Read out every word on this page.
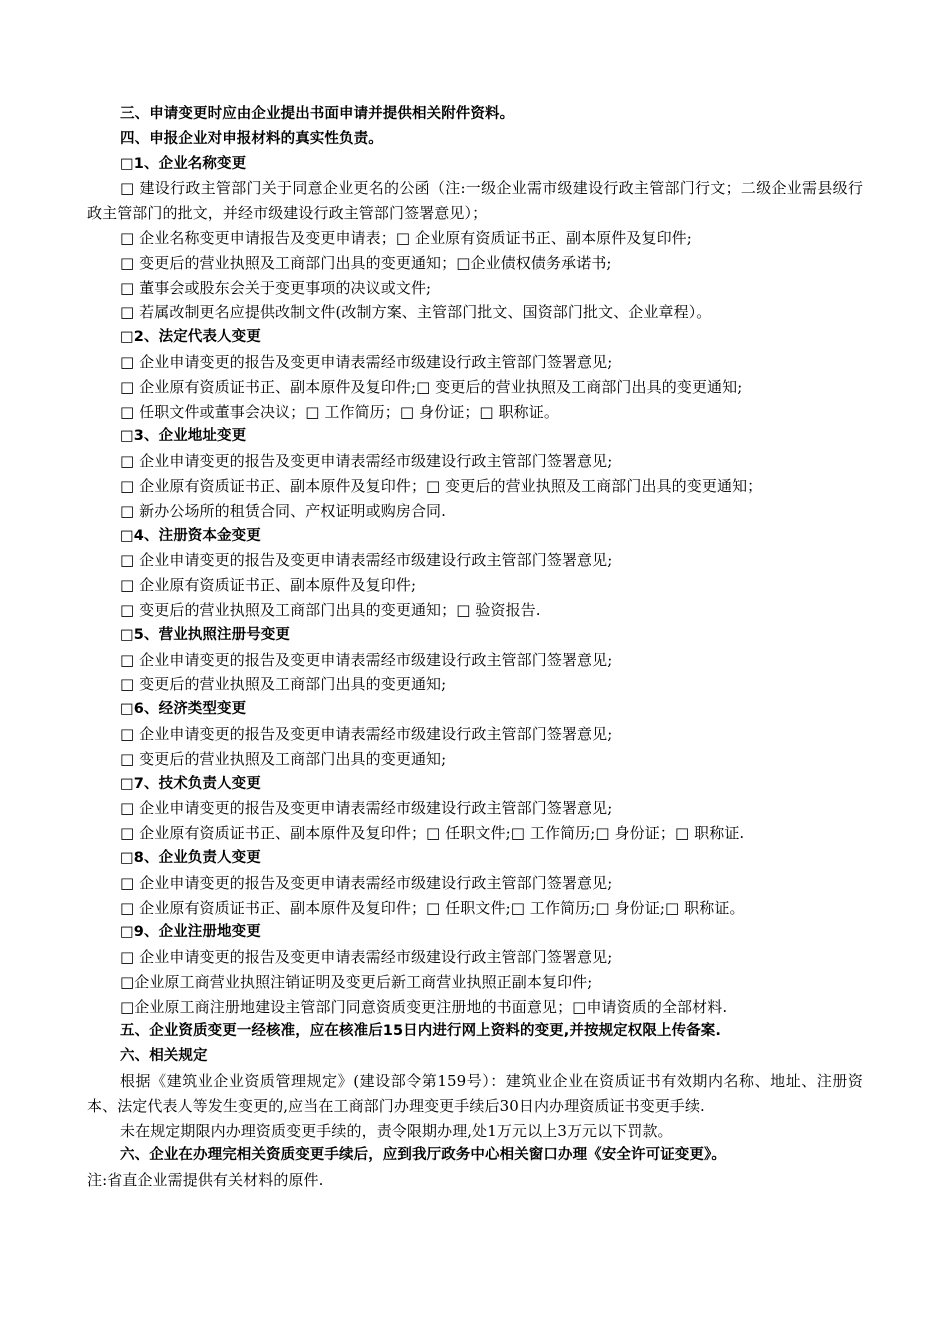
三、申请变更时应由企业提出书面申请并提供相关附件资料。
四、申报企业对申报材料的真实性负责。
□1、企业名称变更
□ 建设行政主管部门关于同意企业更名的公函（注:一级企业需市级建设行政主管部门行文；二级企业需县级行政主管部门的批文，并经市级建设行政主管部门签署意见）；
□ 企业名称变更申请报告及变更申请表；□ 企业原有资质证书正、副本原件及复印件;
□ 变更后的营业执照及工商部门出具的变更通知；□企业债权债务承诺书;
□ 董事会或股东会关于变更事项的决议或文件;
□ 若属改制更名应提供改制文件(改制方案、主管部门批文、国资部门批文、企业章程）。
□2、法定代表人变更
□ 企业申请变更的报告及变更申请表需经市级建设行政主管部门签署意见;
□ 企业原有资质证书正、副本原件及复印件;□ 变更后的营业执照及工商部门出具的变更通知;
□ 任职文件或董事会决议；□ 工作简历；□ 身份证；□ 职称证。
□3、企业地址变更
□ 企业申请变更的报告及变更申请表需经市级建设行政主管部门签署意见;
□ 企业原有资质证书正、副本原件及复印件；□ 变更后的营业执照及工商部门出具的变更通知；
□ 新办公场所的租赁合同、产权证明或购房合同.
□4、注册资本金变更
□ 企业申请变更的报告及变更申请表需经市级建设行政主管部门签署意见;
□ 企业原有资质证书正、副本原件及复印件;
□ 变更后的营业执照及工商部门出具的变更通知；□ 验资报告.
□5、营业执照注册号变更
□ 企业申请变更的报告及变更申请表需经市级建设行政主管部门签署意见;
□ 变更后的营业执照及工商部门出具的变更通知;
□6、经济类型变更
□ 企业申请变更的报告及变更申请表需经市级建设行政主管部门签署意见;
□ 变更后的营业执照及工商部门出具的变更通知;
□7、技术负责人变更
□ 企业申请变更的报告及变更申请表需经市级建设行政主管部门签署意见;
□ 企业原有资质证书正、副本原件及复印件；□ 任职文件;□ 工作简历;□ 身份证；□ 职称证.
□8、企业负责人变更
□ 企业申请变更的报告及变更申请表需经市级建设行政主管部门签署意见;
□ 企业原有资质证书正、副本原件及复印件；□ 任职文件;□ 工作简历;□ 身份证;□ 职称证。
□9、企业注册地变更
□ 企业申请变更的报告及变更申请表需经市级建设行政主管部门签署意见;
□企业原工商营业执照注销证明及变更后新工商营业执照正副本复印件;
□企业原工商注册地建设主管部门同意资质变更注册地的书面意见；□申请资质的全部材料.
五、企业资质变更一经核准，应在核准后15日内进行网上资料的变更,并按规定权限上传备案.
六、相关规定
根据《建筑业企业资质管理规定》(建设部令第159号）：建筑业企业在资质证书有效期内名称、地址、注册资本、法定代表人等发生变更的,应当在工商部门办理变更手续后30日内办理资质证书变更手续.
未在规定期限内办理资质变更手续的，责令限期办理,处1万元以上3万元以下罚款。
六、企业在办理完相关资质变更手续后，应到我厅政务中心相关窗口办理《安全许可证变更》。
注:省直企业需提供有关材料的原件.
